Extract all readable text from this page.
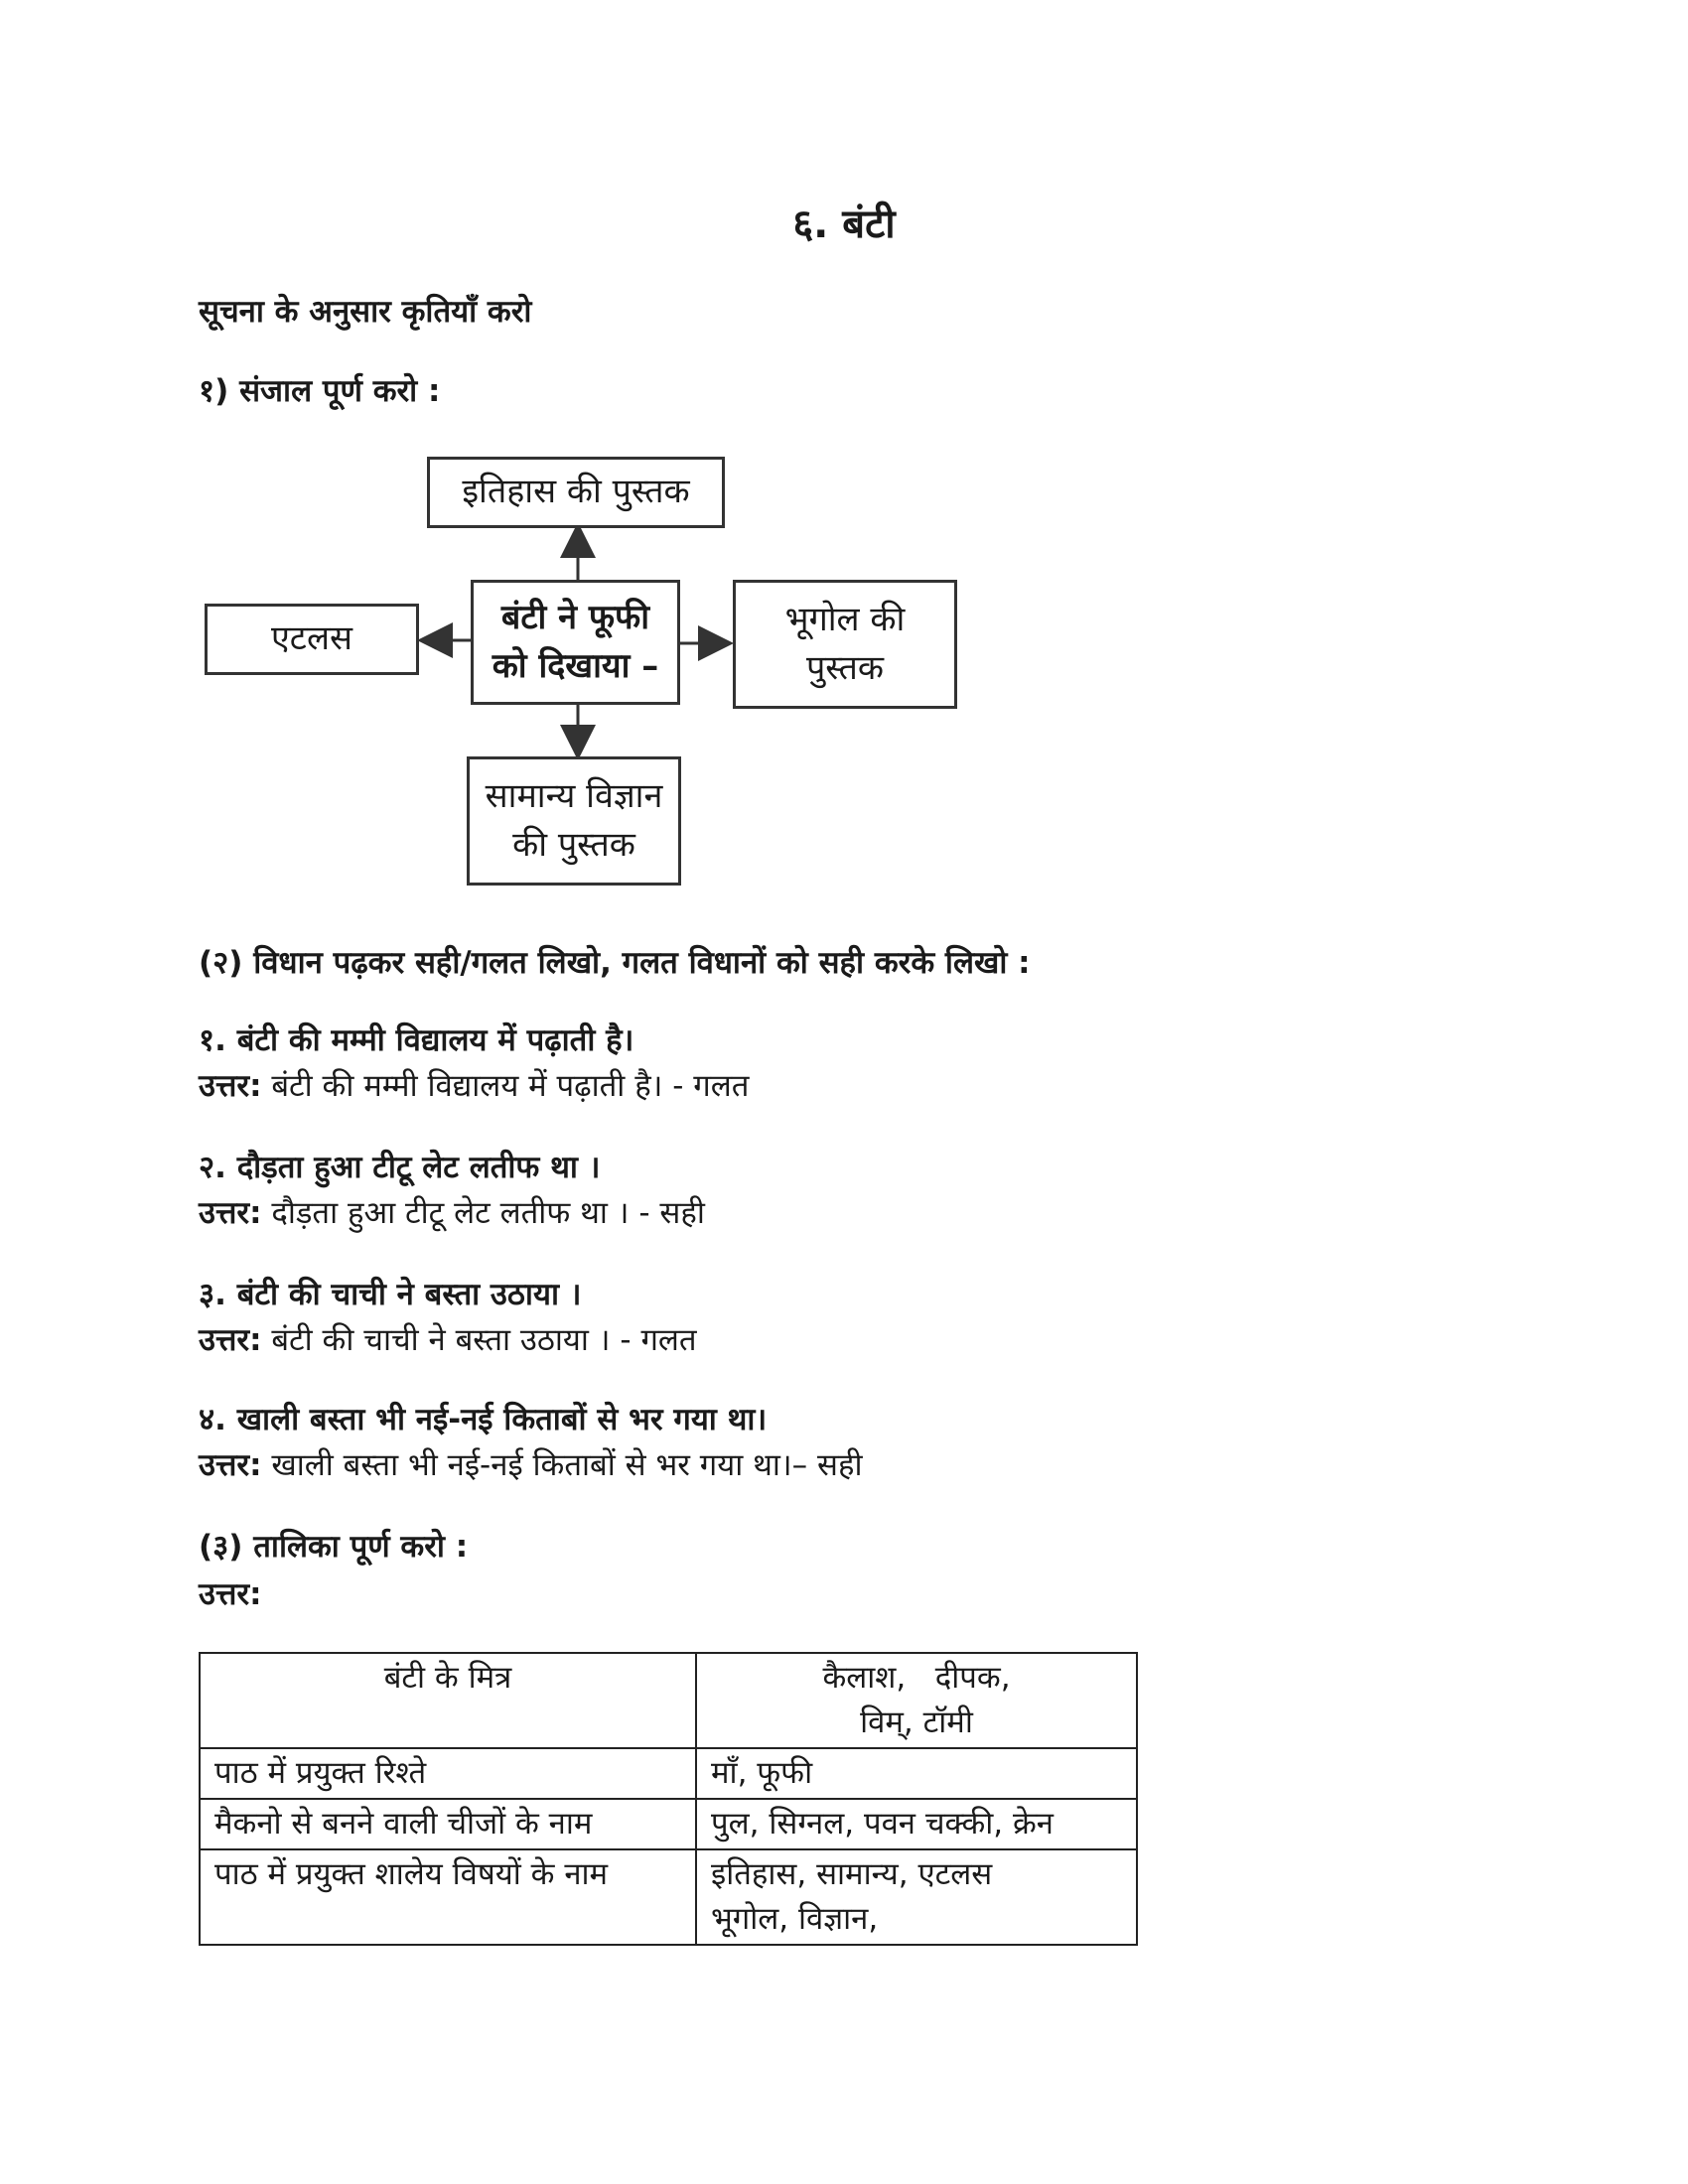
६. बंटी
सूचना के अनुसार कृतियाँ करो
१) संजाल पूर्ण करो :
इतिहास की पुस्तक
बंटी ने फूफी
को दिखाया –
एटलस	भूगोल की
पुस्तक
सामान्य विज्ञान
की पुस्तक
(२) विधान पढ़कर सही/गलत लिखो, गलत विधानों को सही करके लिखो :
१. बंटी की मम्मी विद्यालय में पढ़ाती है।
उत्तर: बंटी की मम्मी विद्यालय में पढ़ाती है। - गलत
२. दौड़ता हुआ टीटू लेट लतीफ था ।
उत्तर: दौड़ता हुआ टीटू लेट लतीफ था । - सही
३. बंटी की चाची ने बस्ता उठाया ।
उत्तर: बंटी की चाची ने बस्ता उठाया । - गलत
४. खाली बस्ता भी नई-नई किताबों से भर गया था।
उत्तर: खाली बस्ता भी नई-नई किताबों से भर गया था।– सही
(३) तालिका पूर्ण करो :
उत्तर:
बंटी के मित्र	कैलाश,   दीपक,
विम्, टॉमी

पाठ में प्रयुक्त रिश्ते	माँ, फूफी
मैकनो से बनने वाली चीजों के नाम	पुल, सिग्नल, पवन चक्की, क्रेन
पाठ में प्रयुक्त शालेय विषयों के नाम	इतिहास, सामान्य, एटलस
भूगोल, विज्ञान,
